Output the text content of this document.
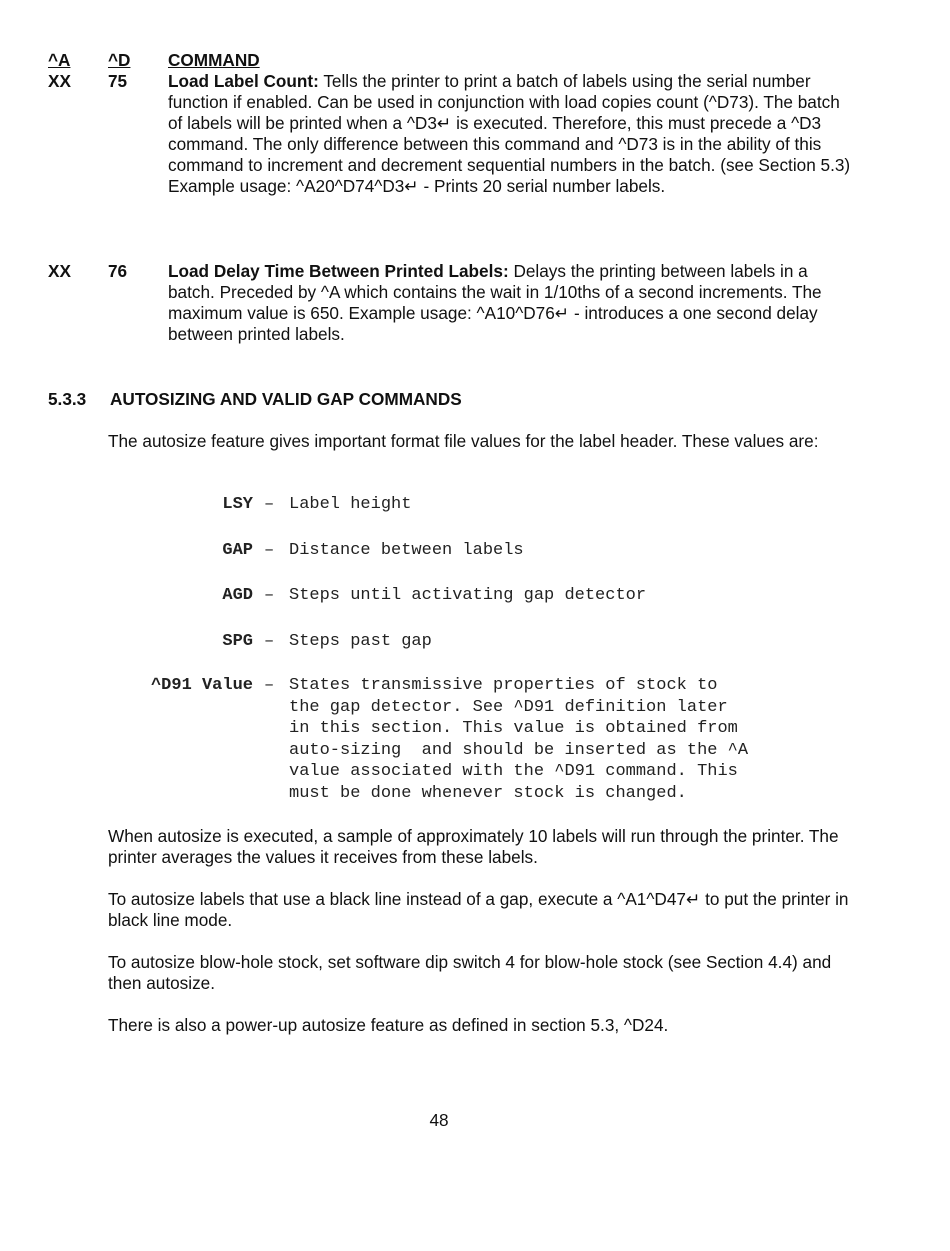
^A ^D COMMAND
XX 75 Load Label Count: Tells the printer to print a batch of labels using the serial number function if enabled. Can be used in conjunction with load copies count (^D73). The batch of labels will be printed when a ^D3↵ is executed. Therefore, this must precede a ^D3 command. The only difference between this command and ^D73 is in the ability of this command to increment and decrement sequential numbers in the batch. (see Section 5.3) Example usage: ^A20^D74^D3↵ - Prints 20 serial number labels.
XX 76 Load Delay Time Between Printed Labels: Delays the printing between labels in a batch. Preceded by ^A which contains the wait in 1/10ths of a second increments. The maximum value is 650. Example usage: ^A10^D76↵ - introduces a one second delay between printed labels.
5.3.3 AUTOSIZING AND VALID GAP COMMANDS
The autosize feature gives important format file values for the label header. These values are:
LSY – Label height
GAP – Distance between labels
AGD – Steps until activating gap detector
SPG – Steps past gap
^D91 Value – States transmissive properties of stock to
the gap detector. See ^D91 definition later
in this section. This value is obtained from
auto-sizing  and should be inserted as the ^A
value associated with the ^D91 command. This
must be done whenever stock is changed.
When autosize is executed, a sample of approximately 10 labels will run through the printer. The printer averages the values it receives from these labels.
To autosize labels that use a black line instead of a gap, execute a ^A1^D47↵ to put the printer in black line mode.
To autosize blow-hole stock, set software dip switch 4 for blow-hole stock (see Section 4.4) and then autosize.
There is also a power-up autosize feature as defined in section 5.3, ^D24.
48
